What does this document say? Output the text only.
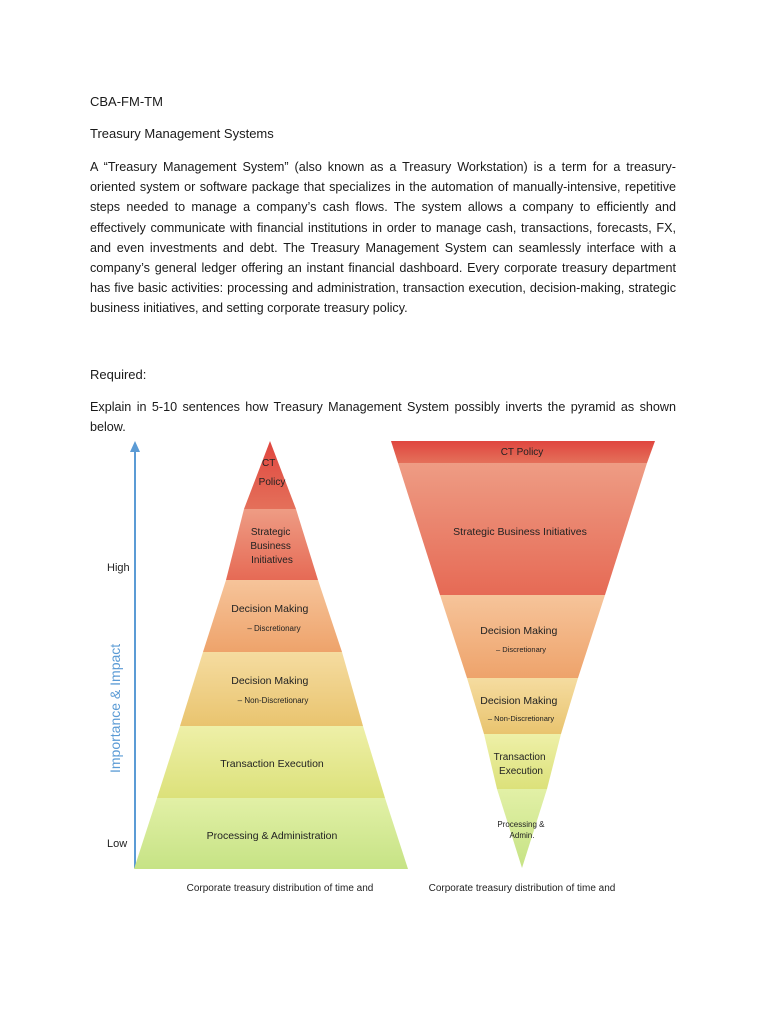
CBA-FM-TM
Treasury Management Systems

A “Treasury Management System” (also known as a Treasury Workstation) is a term for a treasury-oriented system or software package that specializes in the automation of manually-intensive, repetitive steps needed to manage a company’s cash flows. The system allows a company to efficiently and effectively communicate with financial institutions in order to manage cash, transactions, forecasts, FX, and even investments and debt. The Treasury Management System can seamlessly interface with a company’s general ledger offering an instant financial dashboard. Every corporate treasury department has five basic activities: processing and administration, transaction execution, decision-making, strategic business initiatives, and setting corporate treasury policy.

Required:

Explain in 5-10 sentences how Treasury Management System possibly inverts the pyramid as shown below.

High
Low
Importance & Impact
CT Policy
Strategic Business Initiatives
Decision Making – Discretionary
Decision Making – Non-Discretionary
Transaction Execution
Processing & Administration
CT Policy
Strategic Business Initiatives
Decision Making – Discretionary
Decision Making – Non-Discretionary
Transaction Execution
Processing & Admin.
Corporate treasury distribution of time and	Corporate treasury distribution of time and
